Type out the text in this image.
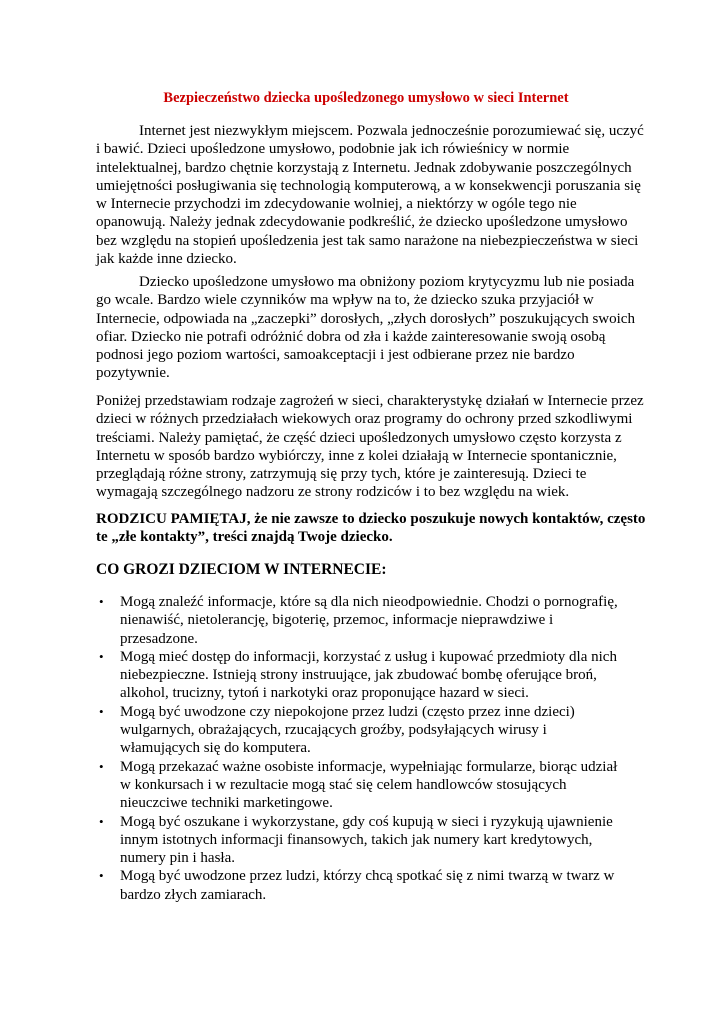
Bezpieczeństwo dziecka upośledzonego umysłowo w sieci Internet

Internet jest niezwykłym miejscem. Pozwala jednocześnie porozumiewać się, uczyć
i bawić. Dzieci upośledzone umysłowo, podobnie jak ich rówieśnicy w normie
intelektualnej, bardzo chętnie korzystają z Internetu. Jednak zdobywanie poszczególnych
umiejętności posługiwania się technologią komputerową, a w konsekwencji poruszania się
w Internecie przychodzi im zdecydowanie wolniej, a niektórzy w ogóle tego nie
opanowują. Należy jednak zdecydowanie podkreślić, że dziecko upośledzone umysłowo
bez względu na stopień upośledzenia jest tak samo narażone na niebezpieczeństwa w sieci
jak każde inne dziecko.

Dziecko upośledzone umysłowo ma obniżony poziom krytycyzmu lub nie posiada
go wcale. Bardzo wiele czynników ma wpływ na to, że dziecko szuka przyjaciół w
Internecie, odpowiada na „zaczepki” dorosłych, „złych dorosłych” poszukujących swoich
ofiar. Dziecko nie potrafi odróżnić dobra od zła i każde zainteresowanie swoją osobą
podnosi jego poziom wartości, samoakceptacji i jest odbierane przez nie bardzo
pozytywnie.

Poniżej przedstawiam rodzaje zagrożeń w sieci, charakterystykę działań w Internecie przez
dzieci w różnych przedziałach wiekowych oraz programy do ochrony przed szkodliwymi
treściami. Należy pamiętać, że część dzieci upośledzonych umysłowo często korzysta z
Internetu w sposób bardzo wybiórczy, inne z kolei działają w Internecie spontanicznie,
przeglądają różne strony, zatrzymują się przy tych, które je zainteresują. Dzieci te
wymagają szczególnego nadzoru ze strony rodziców i to bez względu na wiek.

RODZICU PAMIĘTAJ, że nie zawsze to dziecko poszukuje nowych kontaktów, często
te „złe kontakty”, treści znajdą Twoje dziecko.

CO GROZI DZIECIOM W INTERNECIE:
• Mogą znaleźć informacje, które są dla nich nieodpowiednie. Chodzi o pornografię,
nienawiść, nietolerancję, bigoterię, przemoc, informacje nieprawdziwe i
przesadzone.
• Mogą mieć dostęp do informacji, korzystać z usług i kupować przedmioty dla nich
niebezpieczne. Istnieją strony instruujące, jak zbudować bombę oferujące broń,
alkohol, trucizny, tytoń i narkotyki oraz proponujące hazard w sieci.
• Mogą być uwodzone czy niepokojone przez ludzi (często przez inne dzieci)
wulgarnych, obrażających, rzucających groźby, podsyłających wirusy i
włamujących się do komputera.
• Mogą przekazać ważne osobiste informacje, wypełniając formularze, biorąc udział
w konkursach i w rezultacie mogą stać się celem handlowców stosujących
nieuczciwe techniki marketingowe.
• Mogą być oszukane i wykorzystane, gdy coś kupują w sieci i ryzykują ujawnienie
innym istotnych informacji finansowych, takich jak numery kart kredytowych,
numery pin i hasła.
• Mogą być uwodzone przez ludzi, którzy chcą spotkać się z nimi twarzą w twarz w
bardzo złych zamiarach.
